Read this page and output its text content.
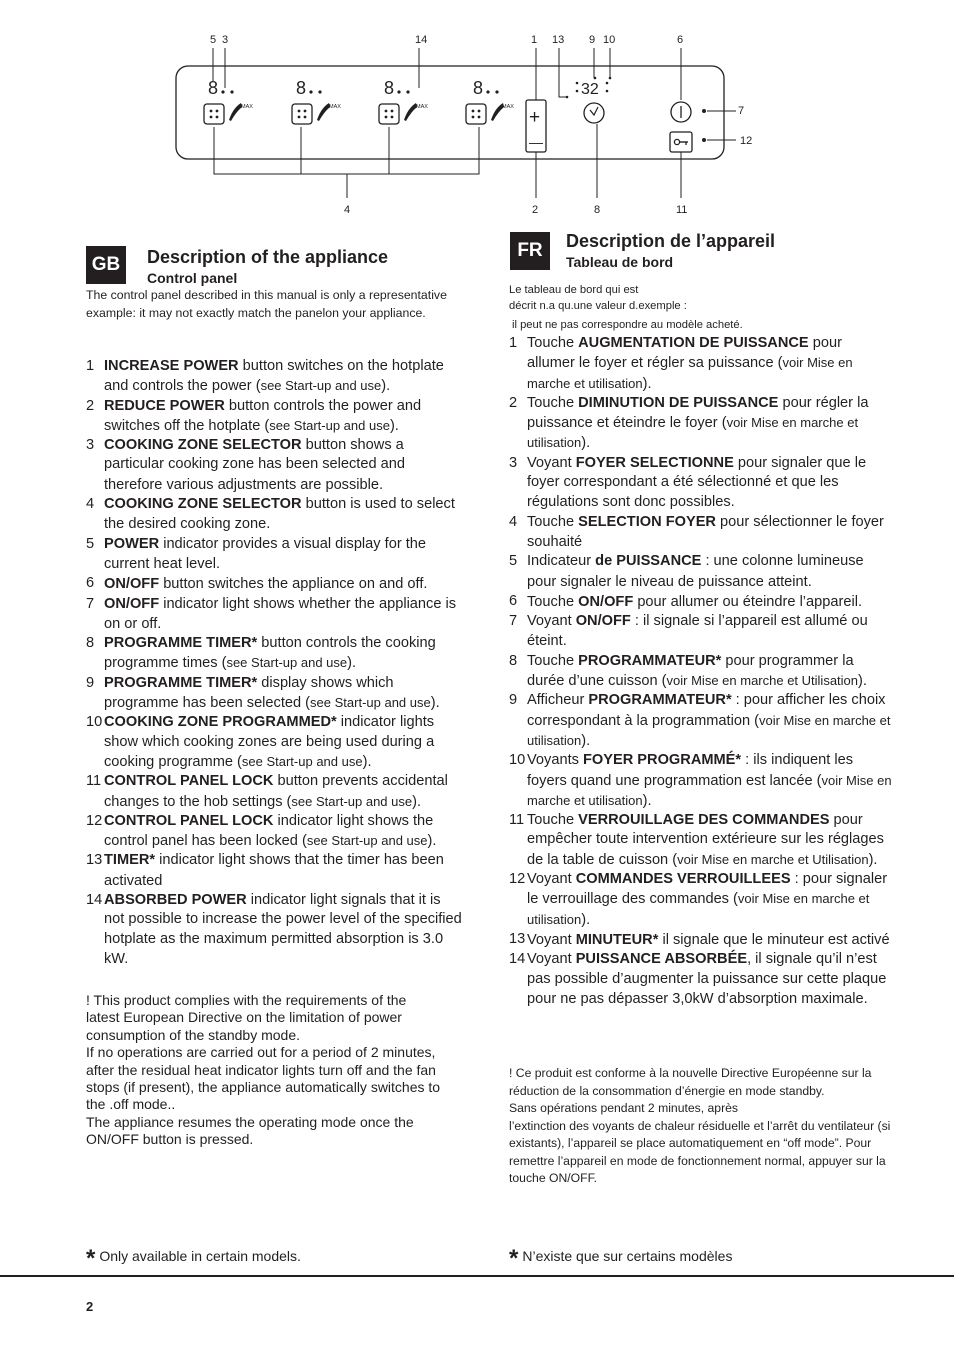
5 3	14	1 13 9 10	6
8
MAX
8
MAX
8
MAX
8
MAX +
—
32
7
12
4	2	8	11
GB	Description of the appliance
Control panel
The control panel described in this manual is only a representative example: it may not exactly match the panelon your appliance.
1 INCREASE POWER button switches on the hotplate and controls the power (see Start-up and use).
2 REDUCE POWER button controls the power and switches off the hotplate (see Start-up and use).
3 COOKING ZONE SELECTOR button shows a particular cooking zone has been selected and therefore various adjustments are possible.
4 COOKING ZONE SELECTOR button is used to select the desired cooking zone.
5 POWER indicator provides a visual display for the current heat level.
6 ON/OFF button switches the appliance on and off.
7 ON/OFF indicator light shows whether the appliance is on or off.
8 PROGRAMME TIMER* button controls the cooking programme times (see Start-up and use).
9 PROGRAMME TIMER* display shows which programme has been selected (see Start-up and use).
10 COOKING ZONE PROGRAMMED* indicator lights show which cooking zones are being used during a cooking programme (see Start-up and use).
11 CONTROL PANEL LOCK button prevents accidental changes to the hob settings (see Start-up and use).
12 CONTROL PANEL LOCK indicator light shows the control panel has been locked (see Start-up and use).
13 TIMER* indicator light shows that the timer has been activated
14 ABSORBED POWER indicator light signals that it is not possible to increase the power level of the specified hotplate as the maximum permitted absorption is 3.0 kW.
! This product complies with the requirements of the latest European Directive on the limitation of power consumption of the standby mode.
If no operations are carried out for a period of 2 minutes, after the residual heat indicator lights turn off and the fan stops (if present), the appliance automatically switches to the .off mode..
The appliance resumes the operating mode once the ON/OFF button is pressed.
* Only available in certain models.
FR	Description de l’appareil
Tableau de bord
Le tableau de bord qui est
décrit n.a qu.une valeur d.exemple :
il peut ne pas correspondre au modèle acheté.
1 Touche AUGMENTATION DE PUISSANCE pour allumer le foyer et régler sa puissance (voir Mise en marche et utilisation).
2 Touche DIMINUTION DE PUISSANCE pour régler la puissance et éteindre le foyer (voir Mise en marche et utilisation).
3 Voyant FOYER SELECTIONNE pour signaler que le foyer correspondant a été sélectionné et que les régulations sont donc possibles.
4 Touche SELECTION FOYER pour sélectionner le foyer souhaité
5 Indicateur de PUISSANCE : une colonne lumineuse pour signaler le niveau de puissance atteint.
6 Touche ON/OFF pour allumer ou éteindre l’appareil.
7 Voyant ON/OFF : il signale si l’appareil est allumé ou éteint.
8 Touche PROGRAMMATEUR* pour programmer la durée d’une cuisson (voir Mise en marche et Utilisation).
9 Afficheur PROGRAMMATEUR* : pour afficher les choix correspondant à la programmation (voir Mise en marche et utilisation).
10 Voyants FOYER PROGRAMMÉ* : ils indiquent les foyers quand une programmation est lancée (voir Mise en marche et utilisation).
11 Touche VERROUILLAGE DES COMMANDES pour empêcher toute intervention extérieure sur les réglages de la table de cuisson (voir Mise en marche et Utilisation).
12 Voyant COMMANDES VERROUILLEES : pour signaler le verrouillage des commandes (voir Mise en marche et utilisation).
13 Voyant MINUTEUR* il signale que le minuteur est activé
14 Voyant PUISSANCE ABSORBÉE, il signale qu’il n’est pas possible d’augmenter la puissance sur cette plaque pour ne pas dépasser 3,0kW d’absorption maximale.
! Ce produit est conforme à la nouvelle Directive Européenne sur la réduction de la consommation d’énergie en mode standby.
Sans opérations pendant 2 minutes, après
l’extinction des voyants de chaleur résiduelle et l’arrêt du ventilateur (si existants), l’appareil se place automatiquement en “off mode”. Pour remettre l’appareil en mode de fonctionnement normal, appuyer sur la touche ON/OFF.
* N’existe que sur certains modèles
2
